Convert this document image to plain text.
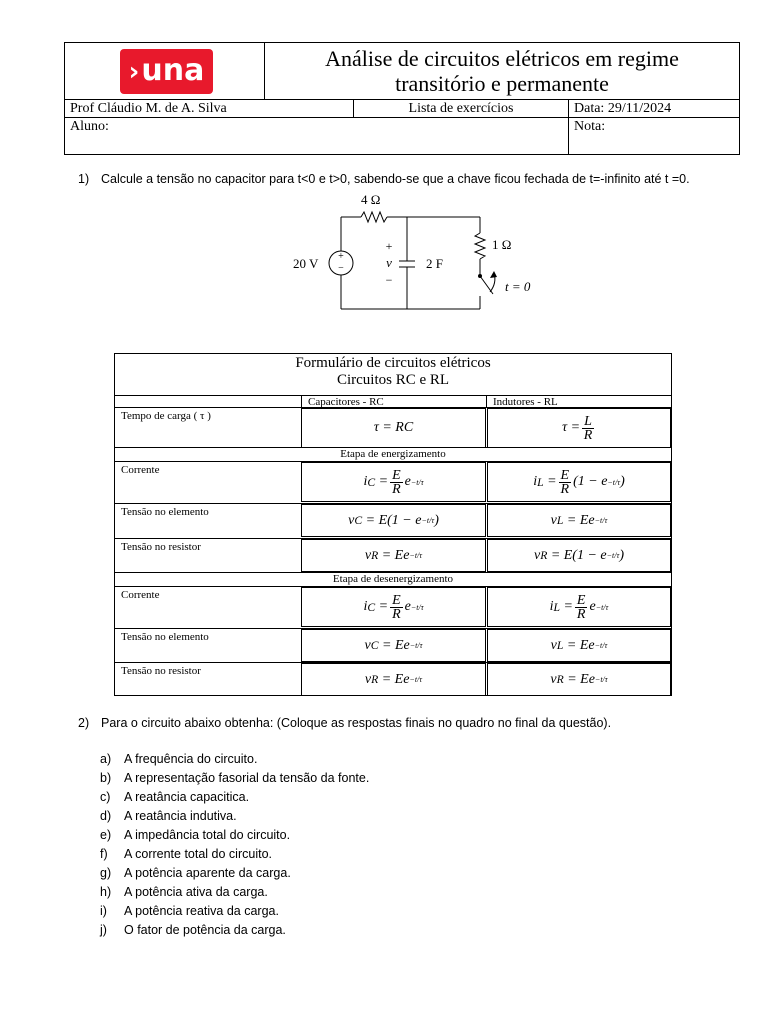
›una	Análise de circuitos elétricos em regime transitório e permanente
Prof Cláudio M. de A. Silva	Lista de exercícios	Data: 29/11/2024
Aluno:	Nota:
1) Calcule a tensão no capacitor para t<0 e t>0, sabendo-se que a chave ficou fechada de t=-infinito até t =0.
+
−
4 Ω
20 V
+
v
−
2 F
1 Ω
t = 0
Formulário de circuitos elétricos
Circuitos RC e RL
Capacitores - RC	Indutores - RL
Tempo de carga ( τ )
τ = RC	$\tau = \frac{L}{R}$
Etapa de energizamento
Corrente
i $C = \frac{E}{R}$ e −t/τ	i $L = \frac{E}{R} (1 - e -t/\tau$ )
Tensão no elemento
v C = E(1 − e −t/τ )	v L = Ee −t/τ
Tensão no resistor
v R = Ee −t/τ	v R = E(1 − e −t/τ )
Etapa de desenergizamento
Corrente
i $C = \frac{E}{R}$ e −t/τ	i $L = \frac{E}{R}$ e −t/τ
Tensão no elemento
v C = Ee −t/τ	v L = Ee −t/τ
Tensão no resistor
v R = Ee −t/τ	v R = Ee −t/τ
2) Para o circuito abaixo obtenha: (Coloque as respostas finais no quadro no final da questão).
a) A frequência do circuito.
b) A representação fasorial da tensão da fonte.
c) A reatância capacitica.
d) A reatância indutiva.
e) A impedância total do circuito.
f) A corrente total do circuito.
g) A potência aparente da carga.
h) A potência ativa da carga.
i) A potência reativa da carga.
j) O fator de potência da carga.
